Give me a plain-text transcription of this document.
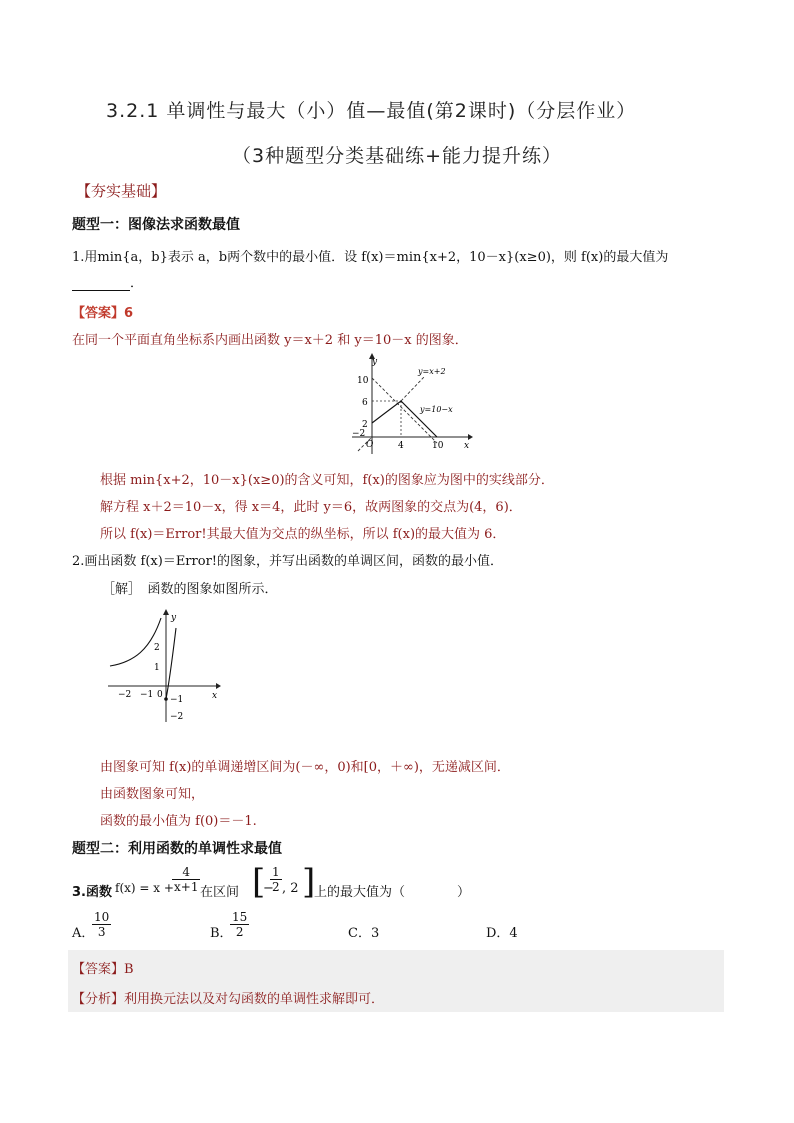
3.2.1 单调性与最大（小）值—最值(第2课时)（分层作业）
（3种题型分类基础练+能力提升练）
【夯实基础】
题型一：图像法求函数最值
1.用min{a，b}表示 a，b两个数中的最小值．设 f(x)＝min{x+2，10－x}(x≥0)，则 f(x)的最大值为
．
【答案】6
在同一个平面直角坐标系内画出函数 y＝x＋2 和 y＝10－x 的图象．
y
x
O
10
6
2
−2
4	10
y=x+2
y=10−x
根据 min{x+2，10－x}(x≥0)的含义可知，f(x)的图象应为图中的实线部分．
解方程 x＋2＝10－x，得 x＝4，此时 y＝6，故两图象的交点为(4，6)．
所以 f(x)＝Error!其最大值为交点的纵坐标，所以 f(x)的最大值为 6．
2.画出函数 f(x)＝Error!的图象，并写出函数的单调区间，函数的最小值．
［解］　函数的图象如图所示．
y
x
2
1
−1
−2
−2 −1 0
由图象可知 f(x)的单调递增区间为(－∞，0)和[0，＋∞)，无递减区间．
由函数图象可知，
函数的最小值为 f(0)＝－1.
题型二：利用函数的单调性求最值
3.函数 f(x) = x +
$\frac{4}{x+1}$ 在区间 [
−
$\frac{1}{2}$ , 2 ]
上的最大值为（　　　　）
A．
$\frac{10}{3}$	B．
$\frac{15}{2}$	C．3	D．4
【答案】B
【分析】利用换元法以及对勾函数的单调性求解即可．
